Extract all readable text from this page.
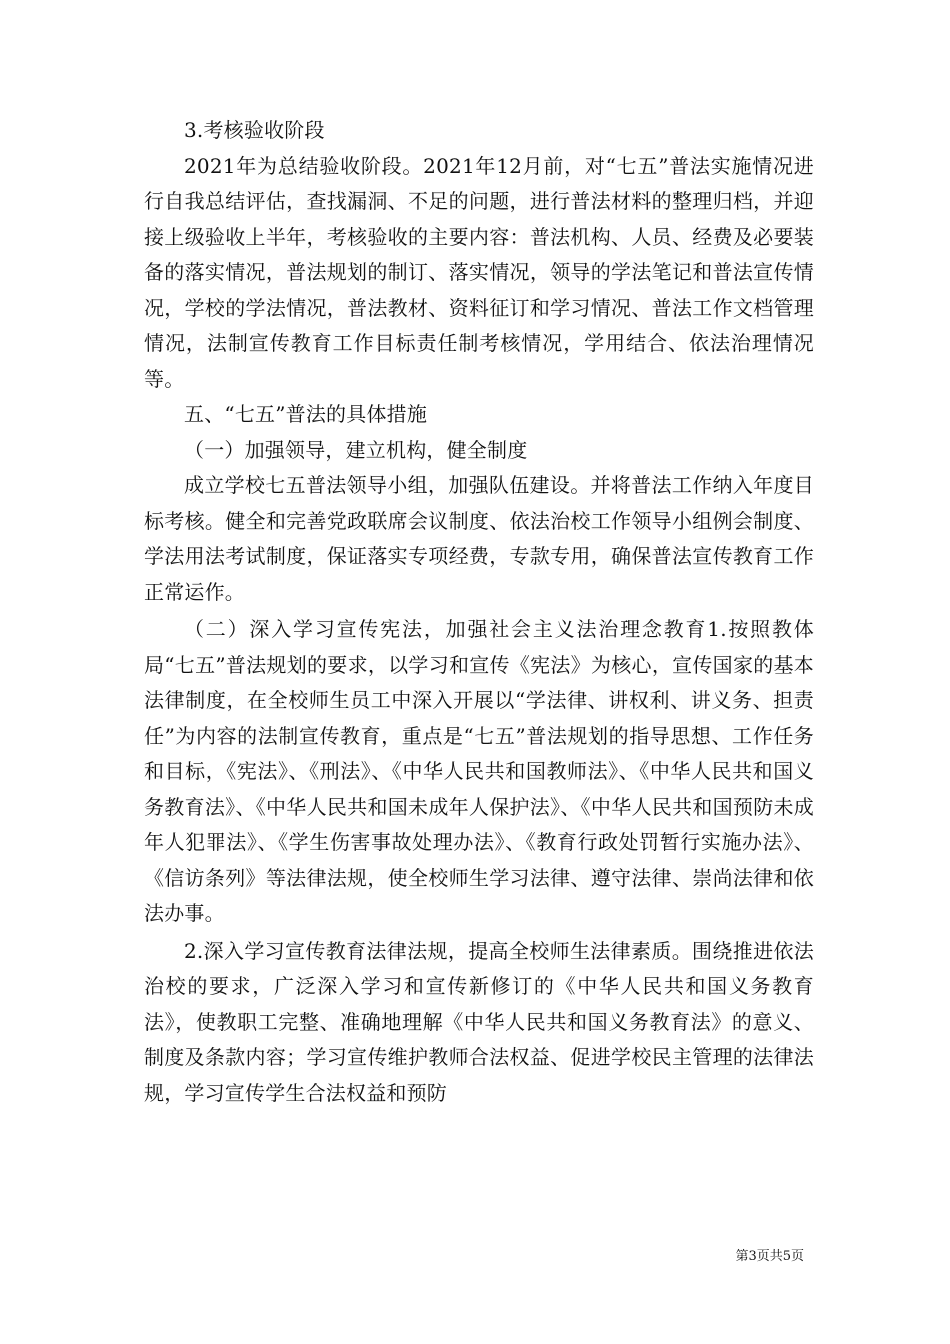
3.考核验收阶段

2021年为总结验收阶段。2021年12月前，对“七五”普法实施情况进行自我总结评估，查找漏洞、不足的问题，进行普法材料的整理归档，并迎接上级验收上半年，考核验收的主要内容：普法机构、人员、经费及必要装备的落实情况，普法规划的制订、落实情况，领导的学法笔记和普法宣传情况，学校的学法情况，普法教材、资料征订和学习情况、普法工作文档管理情况，法制宣传教育工作目标责任制考核情况，学用结合、依法治理情况等。

五、“七五”普法的具体措施

（一）加强领导，建立机构，健全制度

成立学校七五普法领导小组，加强队伍建设。并将普法工作纳入年度目标考核。健全和完善党政联席会议制度、依法治校工作领导小组例会制度、学法用法考试制度，保证落实专项经费，专款专用，确保普法宣传教育工作正常运作。

（二）深入学习宣传宪法，加强社会主义法治理念教育1.按照教体局“七五”普法规划的要求，以学习和宣传《宪法》为核心，宣传国家的基本法律制度，在全校师生员工中深入开展以“学法律、讲权利、讲义务、担责任”为内容的法制宣传教育，重点是“七五”普法规划的指导思想、工作任务和目标，《宪法》、《刑法》、《中华人民共和国教师法》、《中华人民共和国义务教育法》、《中华人民共和国未成年人保护法》、《中华人民共和国预防未成年人犯罪法》、《学生伤害事故处理办法》、《教育行政处罚暂行实施办法》、《信访条列》等法律法规，使全校师生学习法律、遵守法律、崇尚法律和依法办事。

2.深入学习宣传教育法律法规，提高全校师生法律素质。围绕推进依法治校的要求，广泛深入学习和宣传新修订的《中华人民共和国义务教育法》，使教职工完整、准确地理解《中华人民共和国义务教育法》的意义、制度及条款内容；学习宣传维护教师合法权益、促进学校民主管理的法律法规，学习宣传学生合法权益和预防

第3页共5页
